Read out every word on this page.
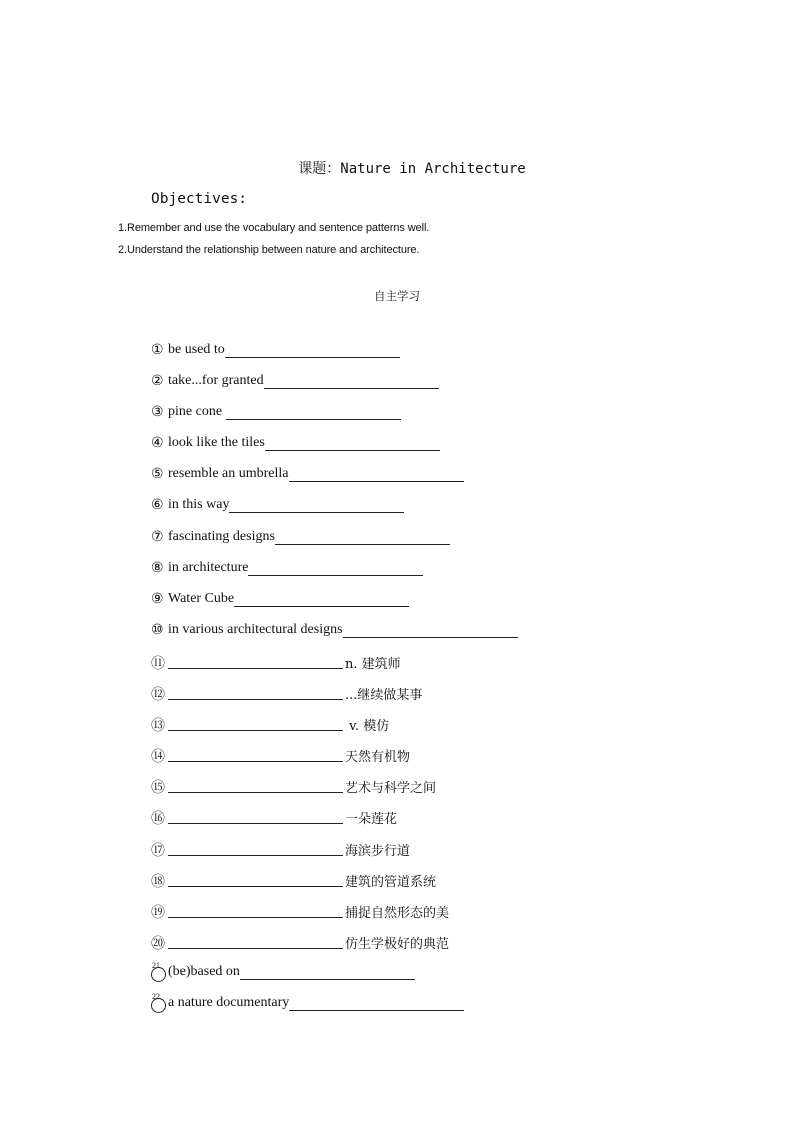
课题：Nature in Architecture
Objectives:
1.Remember and use the vocabulary and sentence patterns well.
2.Understand the relationship between nature and architecture.
自主学习
① be used to
② take...for granted
③ pine cone
④ look like the tiles
⑤ resemble an umbrella
⑥ in this way
⑦ fascinating designs
⑧ in architecture
⑨ Water Cube
⑩ in various architectural designs
⑪	n. 建筑师
⑫	...继续做某事
⑬	v. 模仿
⑭	天然有机物
⑮	艺术与科学之间
⑯	一朵莲花
⑰	海滨步行道
⑱	建筑的管道系统
⑲	捕捉自然形态的美
⑳	仿生学极好的典范
21 (be)based on
22 a nature documentary
